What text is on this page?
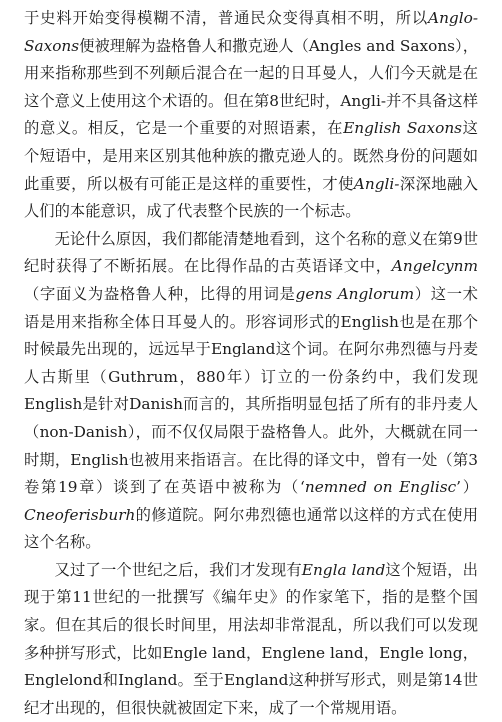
于史料开始变得模糊不清，普通民众变得真相不明，所以Anglo-Saxons便被理解为盎格鲁人和撒克逊人（Angles and Saxons），用来指称那些到不列颠后混合在一起的日耳曼人，人们今天就是在这个意义上使用这个术语的。但在第8世纪时，Angli-并不具备这样的意义。相反，它是一个重要的对照语素，在English Saxons这个短语中，是用来区别其他种族的撒克逊人的。既然身份的问题如此重要，所以极有可能正是这样的重要性，才使Angli-深深地融入人们的本能意识，成了代表整个民族的一个标志。

无论什么原因，我们都能清楚地看到，这个名称的意义在第9世纪时获得了不断拓展。在比得作品的古英语译文中，Angelcynm（字面义为盎格鲁人种，比得的用词是gens Anglorum）这一术语是用来指称全体日耳曼人的。形容词形式的English也是在那个时候最先出现的，远远早于England这个词。在阿尔弗烈德与丹麦人古斯里（Guthrum，880年）订立的一份条约中，我们发现English是针对Danish而言的，其所指明显包括了所有的非丹麦人（non-Danish），而不仅仅局限于盎格鲁人。此外，大概就在同一时期，English也被用来指语言。在比得的译文中，曾有一处（第3卷第19章）谈到了在英语中被称为（‘nemned on Englisc’）Cneoferisburh的修道院。阿尔弗烈德也通常以这样的方式在使用这个名称。

又过了一个世纪之后，我们才发现有Engla land这个短语，出现于第11世纪的一批撰写《编年史》的作家笔下，指的是整个国家。但在其后的很长时间里，用法却非常混乱，所以我们可以发现多种拼写形式，比如Engle land，Englene land，Engle long，Englelond和Ingland。至于England这种拼写形式，则是第14世纪才出现的，但很快就被固定下来，成了一个常规用语。
